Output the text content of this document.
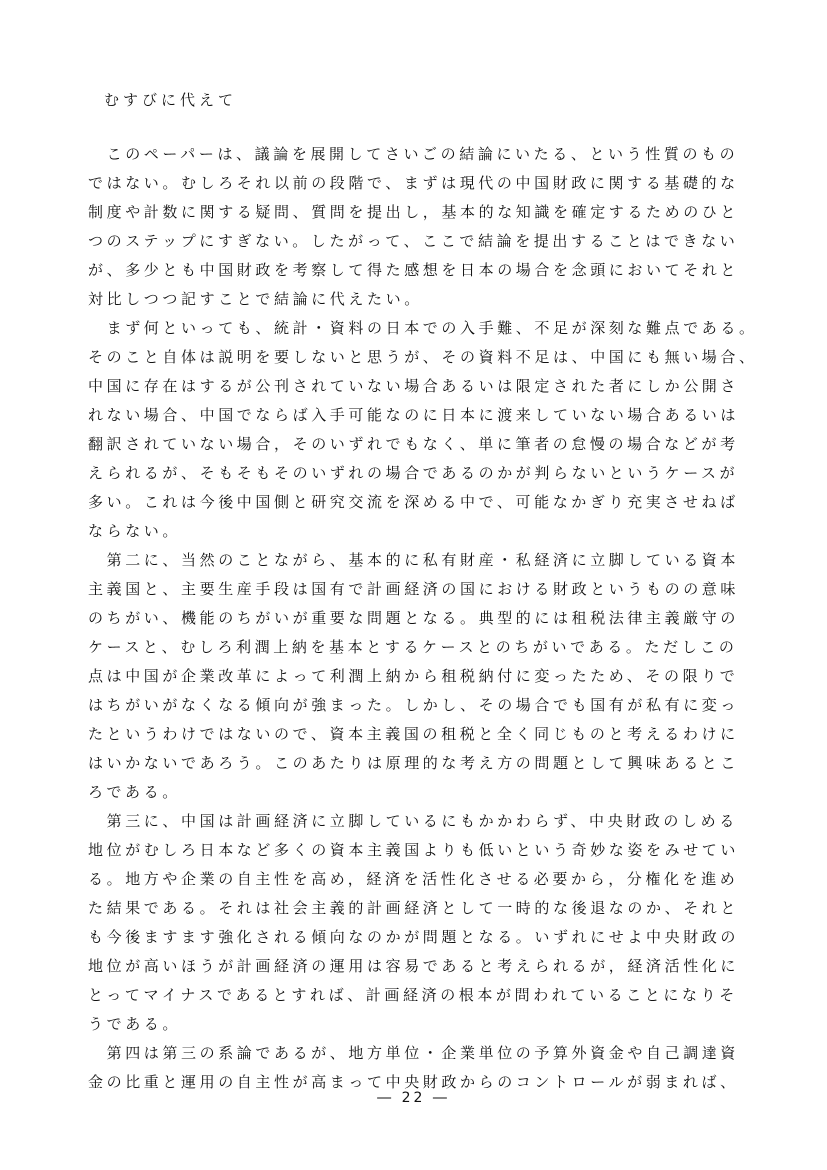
むすびに代えて
　このペーパーは、議論を展開してさいごの結論にいたる、という性質のもの
ではない。むしろそれ以前の段階で、まずは現代の中国財政に関する基礎的な
制度や計数に関する疑問、質問を提出し，基本的な知識を確定するためのひと
つのステップにすぎない。したがって、ここで結論を提出することはできない
が、多少とも中国財政を考察して得た感想を日本の場合を念頭においてそれと
対比しつつ記すことで結論に代えたい。
　まず何といっても、統計・資料の日本での入手難、不足が深刻な難点である。
そのこと自体は説明を要しないと思うが、その資料不足は、中国にも無い場合、
中国に存在はするが公刊されていない場合あるいは限定された者にしか公開さ
れない場合、中国でならば入手可能なのに日本に渡来していない場合あるいは
翻訳されていない場合，そのいずれでもなく、単に筆者の怠慢の場合などが考
えられるが、そもそもそのいずれの場合であるのかが判らないというケースが
多い。これは今後中国側と研究交流を深める中で、可能なかぎり充実させねば
ならない。
　第二に、当然のことながら、基本的に私有財産・私経済に立脚している資本
主義国と、主要生産手段は国有で計画経済の国における財政というものの意味
のちがい、機能のちがいが重要な問題となる。典型的には租税法律主義厳守の
ケースと、むしろ利潤上納を基本とするケースとのちがいである。ただしこの
点は中国が企業改革によって利潤上納から租税納付に変ったため、その限りで
はちがいがなくなる傾向が強まった。しかし、その場合でも国有が私有に変っ
たというわけではないので、資本主義国の租税と全く同じものと考えるわけに
はいかないであろう。このあたりは原理的な考え方の問題として興味あるとこ
ろである。
　第三に、中国は計画経済に立脚しているにもかかわらず、中央財政のしめる
地位がむしろ日本など多くの資本主義国よりも低いという奇妙な姿をみせてい
る。地方や企業の自主性を高め，経済を活性化させる必要から，分権化を進め
た結果である。それは社会主義的計画経済として一時的な後退なのか、それと
も今後ますます強化される傾向なのかが問題となる。いずれにせよ中央財政の
地位が高いほうが計画経済の運用は容易であると考えられるが，経済活性化に
とってマイナスであるとすれば、計画経済の根本が問われていることになりそ
うである。
　第四は第三の系論であるが、地方単位・企業単位の予算外資金や自己調達資
金の比重と運用の自主性が高まって中央財政からのコントロールが弱まれば、
― 22 ―
